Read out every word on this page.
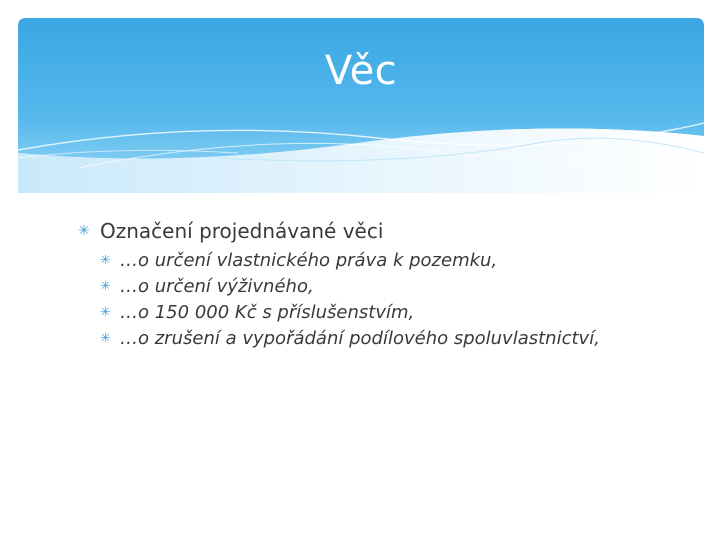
Věc
✳ Označení projednávané věci
✳ …o určení vlastnického práva k pozemku,
✳ …o určení výživného,
✳ …o 150 000 Kč s příslušenstvím,
✳ …o zrušení a vypořádání podílového spoluvlastnictví,
